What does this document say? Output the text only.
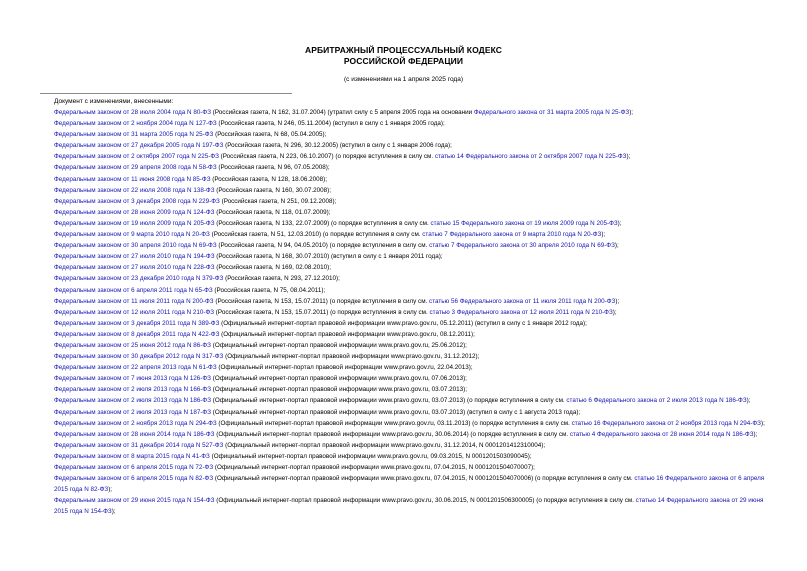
АРБИТРАЖНЫЙ ПРОЦЕССУАЛЬНЫЙ КОДЕКС
РОССИЙСКОЙ ФЕДЕРАЦИИ
(с изменениями на 1 апреля 2025 года)
Документ с изменениями, внесенными:
Федеральным законом от 28 июля 2004 года N 80-ФЗ (Российская газета, N 162, 31.07.2004) (утратил силу с 5 апреля 2005 года на основании Федерального закона от 31 марта 2005 года N 25-ФЗ);
Федеральным законом от 2 ноября 2004 года N 127-ФЗ (Российская газета, N 246, 05.11.2004) (вступил в силу с 1 января 2005 года);
Федеральным законом от 31 марта 2005 года N 25-ФЗ (Российская газета, N 68, 05.04.2005);
Федеральным законом от 27 декабря 2005 года N 197-ФЗ (Российская газета, N 296, 30.12.2005) (вступил в силу с 1 января 2006 года);
Федеральным законом от 2 октября 2007 года N 225-ФЗ (Российская газета, N 223, 06.10.2007) (о порядке вступления в силу см. статью 14 Федерального закона от 2 октября 2007 года N 225-ФЗ);
Федеральным законом от 29 апреля 2008 года N 58-ФЗ (Российская газета, N 96, 07.05.2008);
Федеральным законом от 11 июня 2008 года N 85-ФЗ (Российская газета, N 128, 18.06.2008);
Федеральным законом от 22 июля 2008 года N 138-ФЗ (Российская газета, N 160, 30.07.2008);
Федеральным законом от 3 декабря 2008 года N 229-ФЗ (Российская газета, N 251, 09.12.2008);
Федеральным законом от 28 июня 2009 года N 124-ФЗ (Российская газета, N 118, 01.07.2009);
Федеральным законом от 19 июля 2009 года N 205-ФЗ (Российская газета, N 133, 22.07.2009) (о порядке вступления в силу см. статью 15 Федерального закона от 19 июля 2009 года N 205-ФЗ);
Федеральным законом от 9 марта 2010 года N 20-ФЗ (Российская газета, N 51, 12.03.2010) (о порядке вступления в силу см. статью 7 Федерального закона от 9 марта 2010 года N 20-ФЗ);
Федеральным законом от 30 апреля 2010 года N 69-ФЗ (Российская газета, N 94, 04.05.2010) (о порядке вступления в силу см. статью 7 Федерального закона от 30 апреля 2010 года N 69-ФЗ);
Федеральным законом от 27 июля 2010 года N 194-ФЗ (Российская газета, N 168, 30.07.2010) (вступил в силу с 1 января 2011 года);
Федеральным законом от 27 июля 2010 года N 228-ФЗ (Российская газета, N 169, 02.08.2010);
Федеральным законом от 23 декабря 2010 года N 379-ФЗ (Российская газета, N 293, 27.12.2010);
Федеральным законом от 6 апреля 2011 года N 65-ФЗ (Российская газета, N 75, 08.04.2011);
Федеральным законом от 11 июля 2011 года N 200-ФЗ (Российская газета, N 153, 15.07.2011) (о порядке вступления в силу см. статью 56 Федерального закона от 11 июля 2011 года N 200-ФЗ);
Федеральным законом от 12 июля 2011 года N 210-ФЗ (Российская газета, N 153, 15.07.2011) (о порядке вступления в силу см. статью 3 Федерального закона от 12 июля 2011 года N 210-ФЗ);
Федеральным законом от 3 декабря 2011 года N 389-ФЗ (Официальный интернет-портал правовой информации www.pravo.gov.ru, 05.12.2011) (вступил в силу с 1 января 2012 года);
Федеральным законом от 8 декабря 2011 года N 422-ФЗ (Официальный интернет-портал правовой информации www.pravo.gov.ru, 08.12.2011);
Федеральным законом от 25 июня 2012 года N 86-ФЗ (Официальный интернет-портал правовой информации www.pravo.gov.ru, 25.06.2012);
Федеральным законом от 30 декабря 2012 года N 317-ФЗ (Официальный интернет-портал правовой информации www.pravo.gov.ru, 31.12.2012);
Федеральным законом от 22 апреля 2013 года N 61-ФЗ (Официальный интернет-портал правовой информации www.pravo.gov.ru, 22.04.2013);
Федеральным законом от 7 июня 2013 года N 126-ФЗ (Официальный интернет-портал правовой информации www.pravo.gov.ru, 07.06.2013);
Федеральным законом от 2 июля 2013 года N 166-ФЗ (Официальный интернет-портал правовой информации www.pravo.gov.ru, 03.07.2013);
Федеральным законом от 2 июля 2013 года N 186-ФЗ (Официальный интернет-портал правовой информации www.pravo.gov.ru, 03.07.2013) (о порядке вступления в силу см. статью 6 Федерального закона от 2 июля 2013 года N 186-ФЗ);
Федеральным законом от 2 июля 2013 года N 187-ФЗ (Официальный интернет-портал правовой информации www.pravo.gov.ru, 03.07.2013) (вступил в силу с 1 августа 2013 года);
Федеральным законом от 2 ноября 2013 года N 294-ФЗ (Официальный интернет-портал правовой информации www.pravo.gov.ru, 03.11.2013) (о порядке вступления в силу см. статью 16 Федерального закона от 2 ноября 2013 года N 294-ФЗ);
Федеральным законом от 28 июня 2014 года N 186-ФЗ (Официальный интернет-портал правовой информации www.pravo.gov.ru, 30.06.2014) (о порядке вступления в силу см. статью 4 Федерального закона от 28 июня 2014 года N 186-ФЗ);
Федеральным законом от 31 декабря 2014 года N 527-ФЗ (Официальный интернет-портал правовой информации www.pravo.gov.ru, 31.12.2014, N 0001201412310004);
Федеральным законом от 8 марта 2015 года N 41-ФЗ (Официальный интернет-портал правовой информации www.pravo.gov.ru, 09.03.2015, N 0001201503090045);
Федеральным законом от 6 апреля 2015 года N 72-ФЗ (Официальный интернет-портал правовой информации www.pravo.gov.ru, 07.04.2015, N 0001201504070007);
Федеральным законом от 6 апреля 2015 года N 82-ФЗ (Официальный интернет-портал правовой информации www.pravo.gov.ru, 07.04.2015, N 0001201504070006) (о порядке вступления в силу см. статью 16 Федерального закона от 6 апреля 2015 года N 82-ФЗ);
Федеральным законом от 29 июня 2015 года N 154-ФЗ (Официальный интернет-портал правовой информации www.pravo.gov.ru, 30.06.2015, N 0001201506300005) (о порядке вступления в силу см. статью 14 Федерального закона от 29 июня 2015 года N 154-ФЗ);
